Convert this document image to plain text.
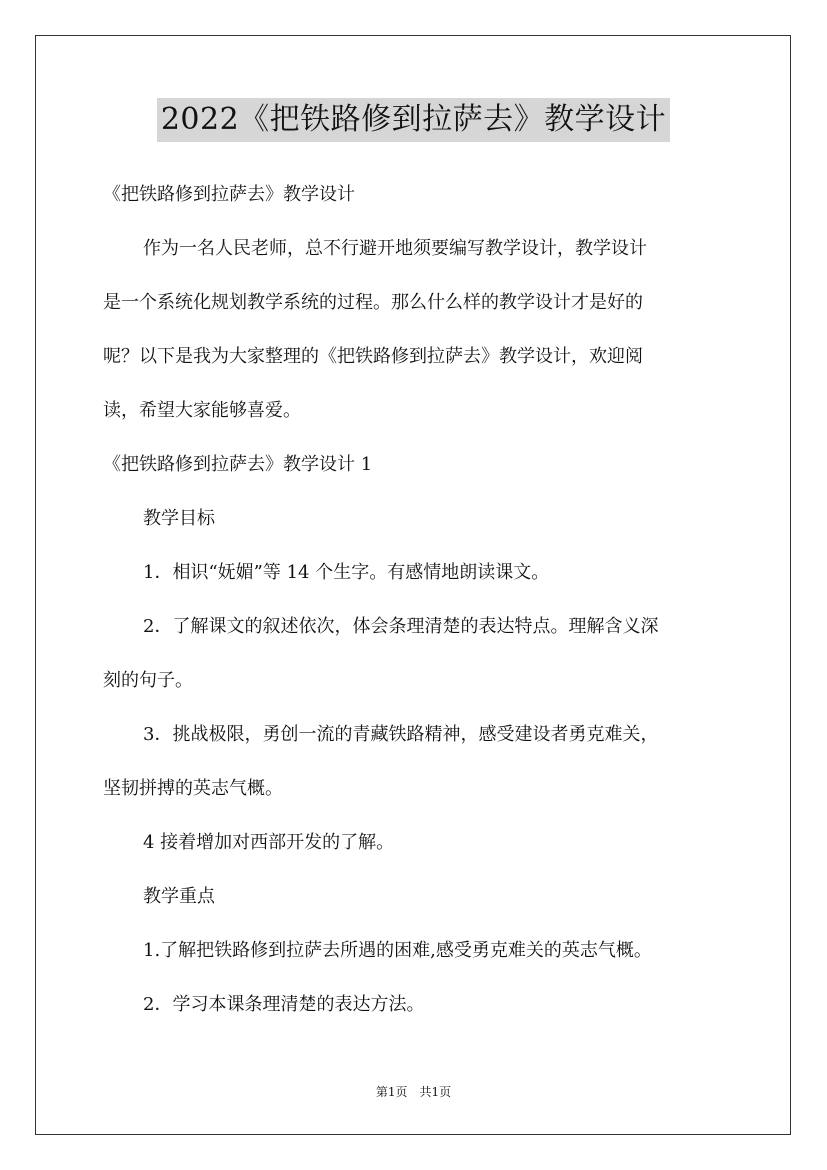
2022《把铁路修到拉萨去》教学设计
《把铁路修到拉萨去》教学设计
作为一名人民老师，总不行避开地须要编写教学设计，教学设计
是一个系统化规划教学系统的过程。那么什么样的教学设计才是好的
呢？以下是我为大家整理的《把铁路修到拉萨去》教学设计，欢迎阅
读，希望大家能够喜爱。
《把铁路修到拉萨去》教学设计 1
教学目标
1．相识“妩媚”等 14 个生字。有感情地朗读课文。
2．了解课文的叙述依次，体会条理清楚的表达特点。理解含义深
刻的句子。
3．挑战极限，勇创一流的青藏铁路精神，感受建设者勇克难关，
坚韧拼搏的英志气概。
4 接着增加对西部开发的了解。
教学重点
1.了解把铁路修到拉萨去所遇的困难,感受勇克难关的英志气概。
2．学习本课条理清楚的表达方法。
第1页 共1页
